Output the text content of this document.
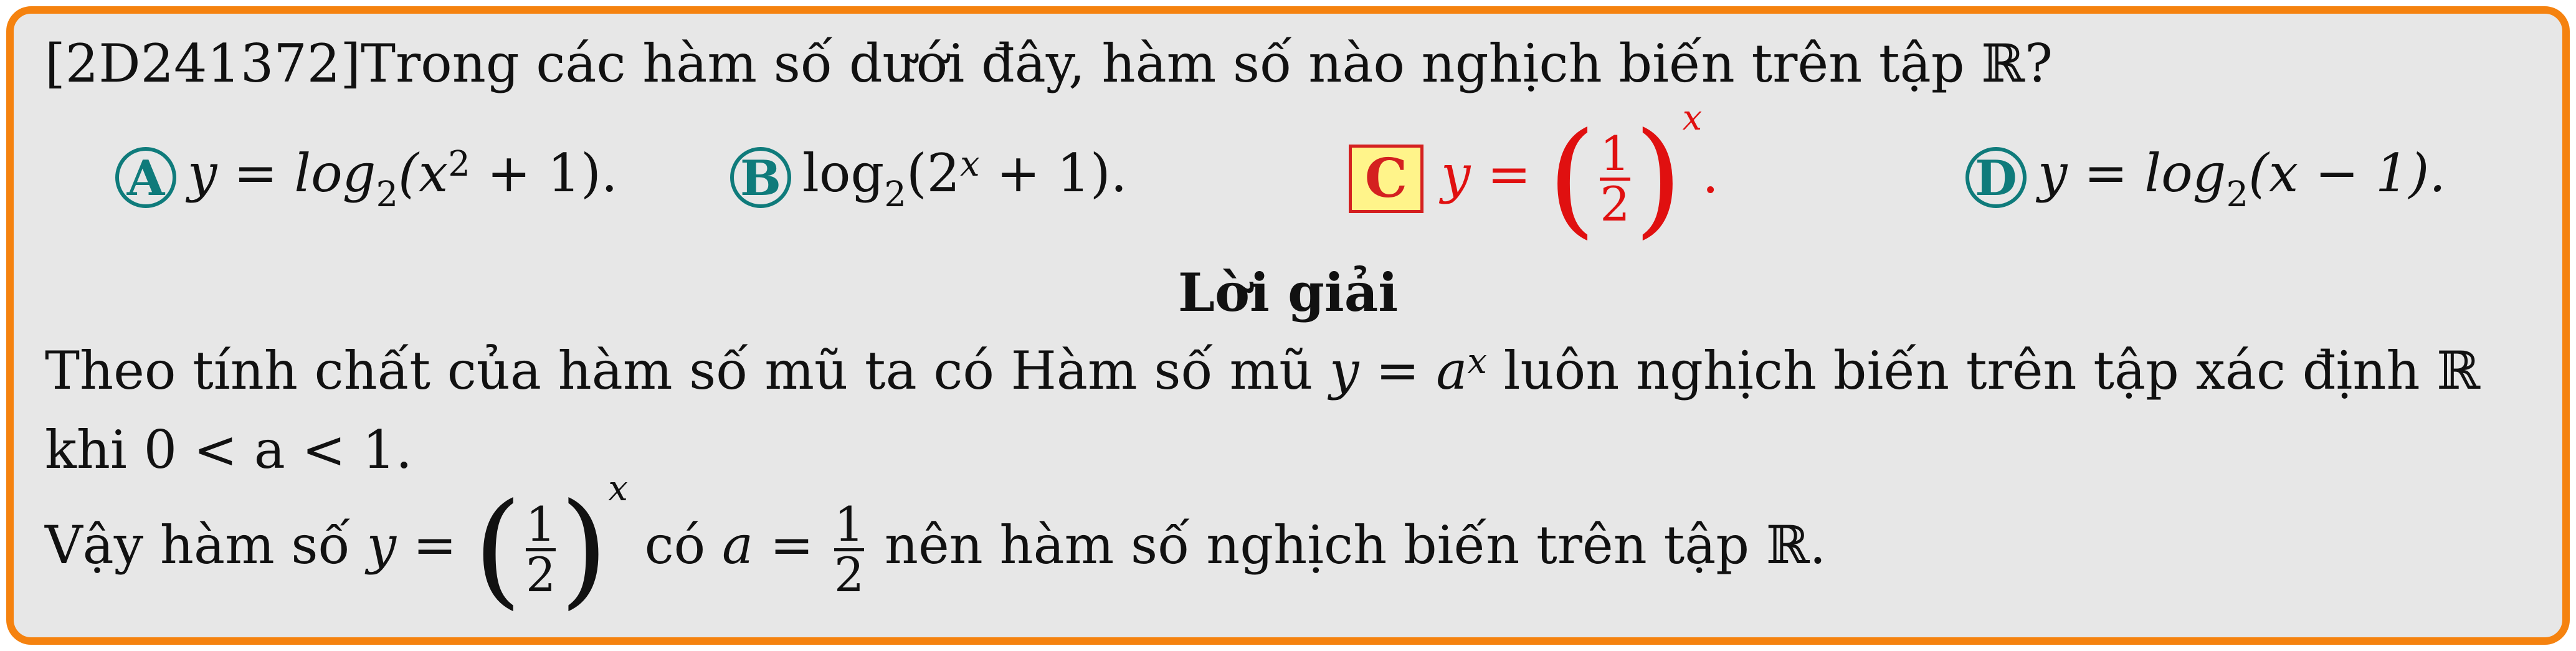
[2D241372]Trong các hàm số dưới đây, hàm số nào nghịch biến trên tập ℝ?
A $y = \log_2(x^2 + 1)$.	B $\log_2(2^x + 1)$.	C y = ( $\frac{1}{2} )^x$.	D $y = \log_2(x - 1)$.
Lời giải
Theo tính chất của hàm số mũ ta có Hàm số mũ $y = a^x$ luôn nghịch biến trên tập xác định ℝ
khi 0 < a < 1.
Vậy hàm số y = ( $\frac{1}{2} )^x$ có $a = \frac{1}{2}$ nên hàm số nghịch biến trên tập ℝ.
